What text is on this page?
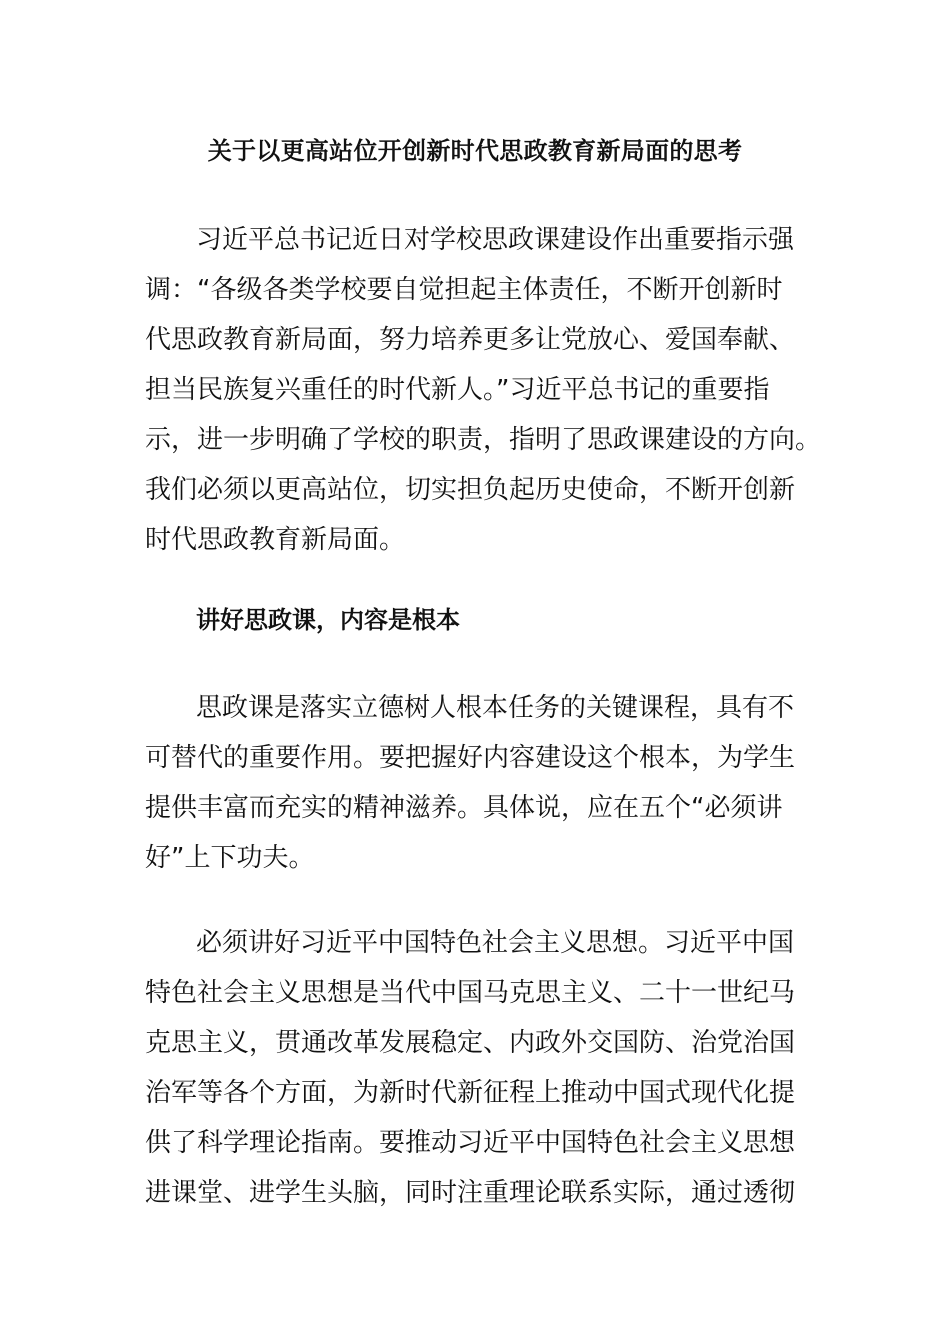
关于以更高站位开创新时代思政教育新局面的思考
习近平总书记近日对学校思政课建设作出重要指示强
调：“各级各类学校要自觉担起主体责任，不断开创新时
代思政教育新局面，努力培养更多让党放心、爱国奉献、
担当民族复兴重任的时代新人。”习近平总书记的重要指
示，进一步明确了学校的职责，指明了思政课建设的方向。
我们必须以更高站位，切实担负起历史使命，不断开创新
时代思政教育新局面。
讲好思政课，内容是根本
思政课是落实立德树人根本任务的关键课程，具有不
可替代的重要作用。要把握好内容建设这个根本，为学生
提供丰富而充实的精神滋养。具体说，应在五个“必须讲
好”上下功夫。
必须讲好习近平中国特色社会主义思想。习近平中国
特色社会主义思想是当代中国马克思主义、二十一世纪马
克思主义，贯通改革发展稳定、内政外交国防、治党治国
治军等各个方面，为新时代新征程上推动中国式现代化提
供了科学理论指南。要推动习近平中国特色社会主义思想
进课堂、进学生头脑，同时注重理论联系实际，通过透彻
